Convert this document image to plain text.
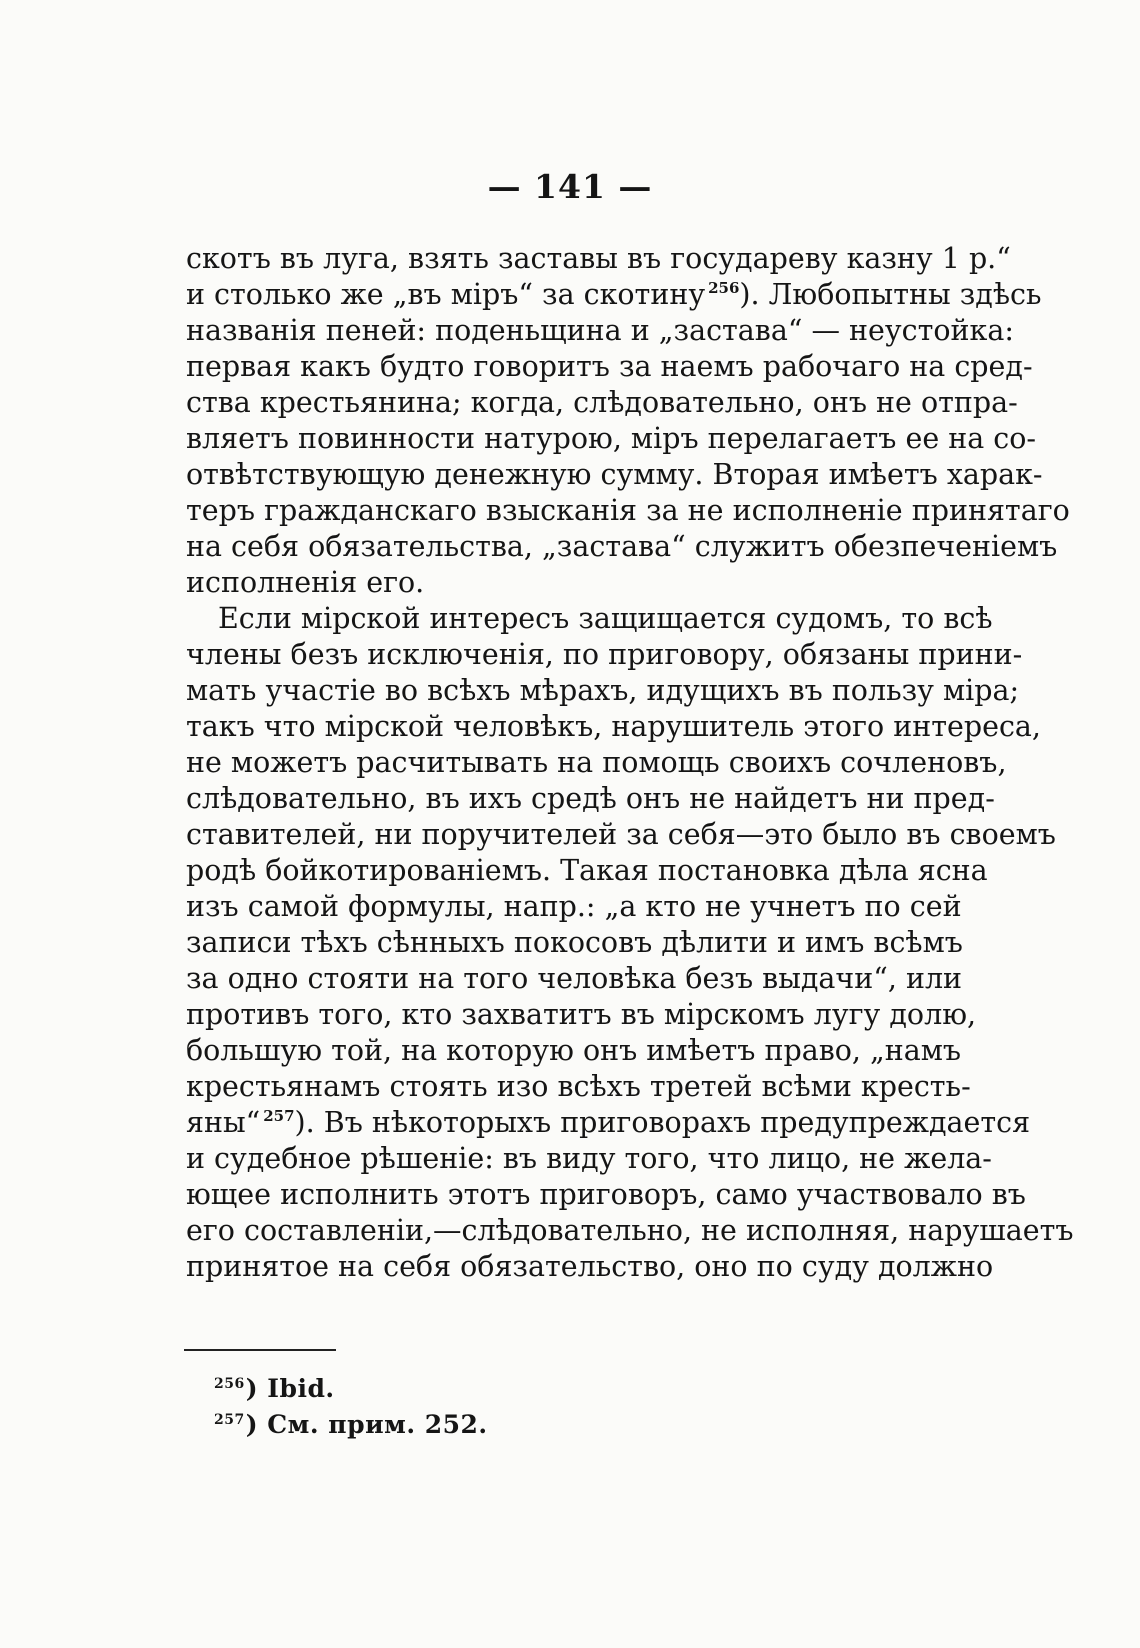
— 141 —
скотъ въ луга, взять заставы въ государеву казну 1 р.“
и столько же „въ міръ“ за скотину $^{256}$). Любопытны здѣсь
названія пеней: поденьщина и „застава“ — неустойка:
первая какъ будто говоритъ за наемъ рабочаго на сред-
ства крестьянина; когда, слѣдовательно, онъ не отпра-
вляетъ повинности натурою, міръ перелагаетъ ее на со-
отвѣтствующую денежную сумму. Вторая имѣетъ харак-
теръ гражданскаго взысканія за не исполненіе принятаго
на себя обязательства, „застава“ служитъ обезпеченіемъ
исполненія его.
Если мірской интересъ защищается судомъ, то всѣ
члены безъ исключенія, по приговору, обязаны прини-
мать участіе во всѣхъ мѣрахъ, идущихъ въ пользу міра;
такъ что мірской человѣкъ, нарушитель этого интереса,
не можетъ расчитывать на помощь своихъ сочленовъ,
слѣдовательно, въ ихъ средѣ онъ не найдетъ ни пред-
ставителей, ни поручителей за себя—это было въ своемъ
родѣ бойкотированіемъ. Такая постановка дѣла ясна
изъ самой формулы, напр.: „а кто не учнетъ по сей
записи тѣхъ сѣнныхъ покосовъ дѣлити и имъ всѣмъ
за одно стояти на того человѣка безъ выдачи“, или
противъ того, кто захватитъ въ мірскомъ лугу долю,
большую той, на которую онъ имѣетъ право, „намъ
крестьянамъ стоять изо всѣхъ третей всѣми кресть-
яны“ $^{257}$). Въ нѣкоторыхъ приговорахъ предупреждается
и судебное рѣшеніе: въ виду того, что лицо, не жела-
ющее исполнить этотъ приговоръ, само участвовало въ
его составленіи,—слѣдовательно, не исполняя, нарушаетъ
принятое на себя обязательство, оно по суду должно
$^{256}$) Ibid.
$^{257}$) См. прим. 252.
